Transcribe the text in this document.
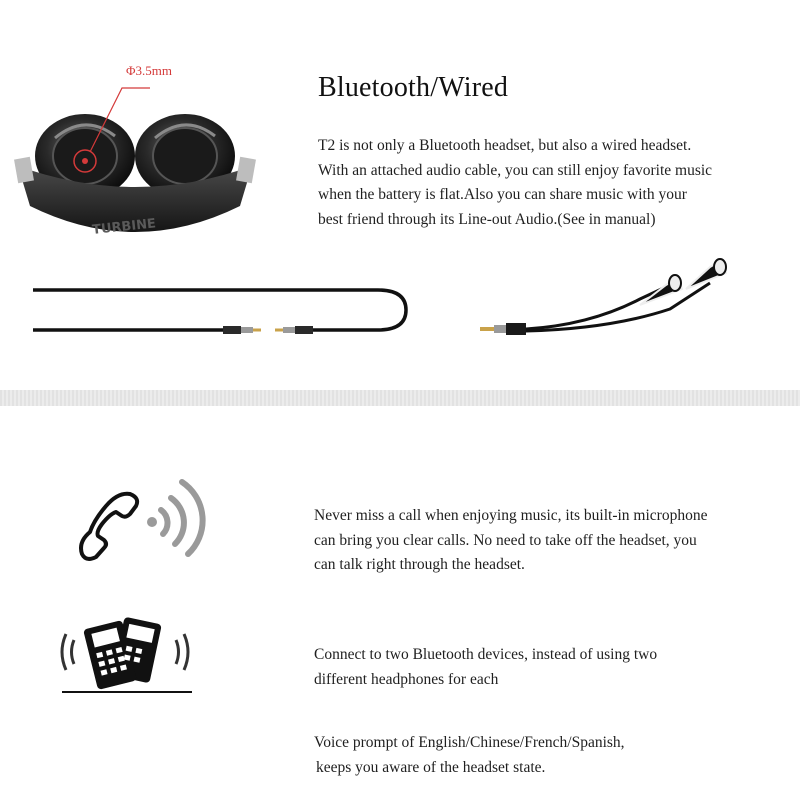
TURBINE
Φ3.5mm
Bluetooth/Wired
T2 is not only a Bluetooth headset, but also a wired headset.
With an attached audio cable, you can still enjoy favorite music
when the battery is flat.Also you can share music with your
best friend through its Line-out Audio.(See in manual)
Never miss a call when enjoying music, its built-in microphone
can bring you clear calls. No need to take off the headset, you
can talk right through the headset.
Connect to two Bluetooth devices, instead of using two
different headphones for each
Voice prompt of English/Chinese/French/Spanish,
keeps you aware of the headset state.
